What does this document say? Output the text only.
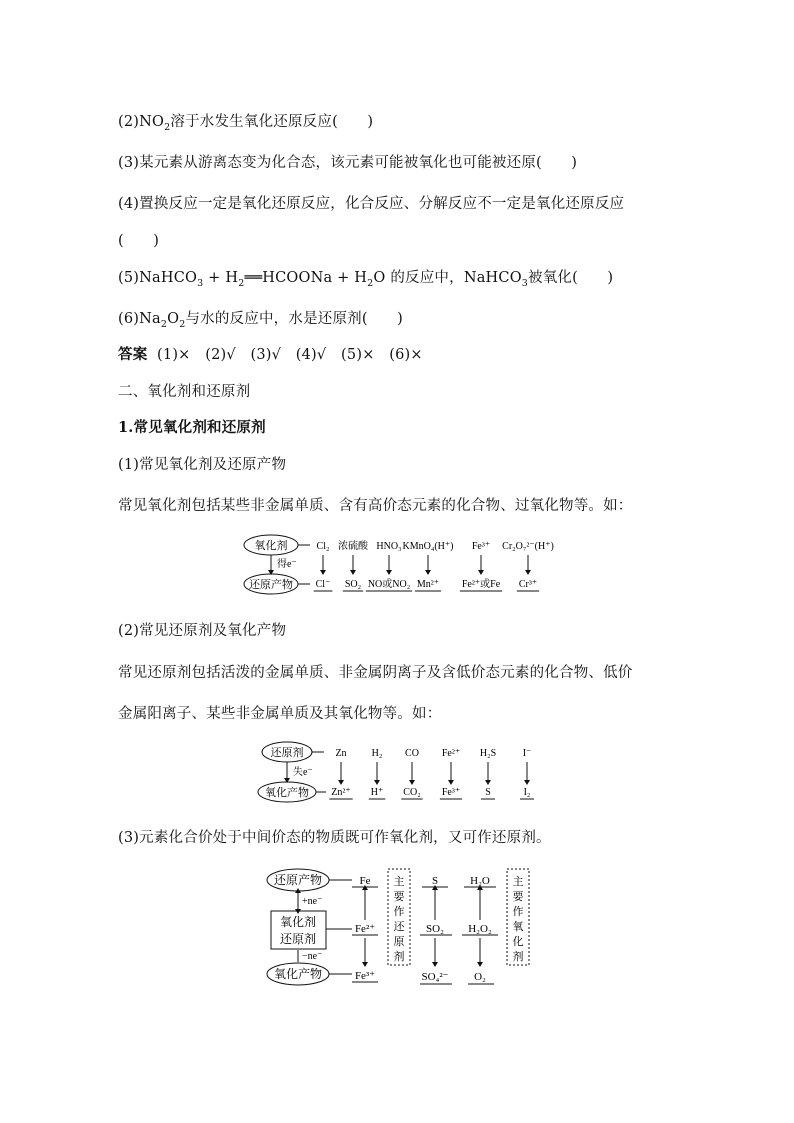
$(2)NO_2$溶于水发生氧化还原反应(　　)
(3)某元素从游离态变为化合态，该元素可能被氧化也可能被还原(　　)
(4)置换反应一定是氧化还原反应，化合反应、分解反应不一定是氧化还原反应
(　　)
(5)NaHCO$_3$ + $H_2══HCOONa + H_2O$ 的反应中，NaHCO$_3$被氧化(　　)
$(6)Na_2O_2$与水的反应中，水是还原剂(　　)
答案 (1)×　(2)√　(3)√　(4)√　(5)×　(6)×
二、氧化剂和还原剂
1.常见氧化剂和还原剂
(1)常见氧化剂及还原产物
常见氧化剂包括某些非金属单质、含有高价态元素的化合物、过氧化物等。如：
(2)常见还原剂及氧化产物
常见还原剂包括活泼的金属单质、非金属阴离子及含低价态元素的化合物、低价
金属阳离子、某些非金属单质及其氧化物等。如：
(3)元素化合价处于中间价态的物质既可作氧化剂，又可作还原剂。
氧化剂
还原产物
得e⁻
Cl₂
Cl⁻
浓硫酸
SO₂
HNO₃
NO或NO₂
KMnO₄(H⁺)
Mn²⁺
Fe³⁺
Fe²⁺或Fe
Cr₂O₇²⁻(H⁺)
Cr³⁺
还原剂
氧化产物
失e⁻
Zn
Zn²⁺
H₂
H⁺
CO
CO₂
Fe²⁺
Fe³⁺
H₂S
S
I⁻
I₂
还原产物
氧化剂
还原剂
氧化产物
+ne⁻
−ne⁻
Fe
Fe²⁺
Fe³⁺
S
SO₂
SO₄²⁻
H₂O
H₂O₂
O₂
主
要
作
还
原
剂
主
要
作
氧
化
剂
